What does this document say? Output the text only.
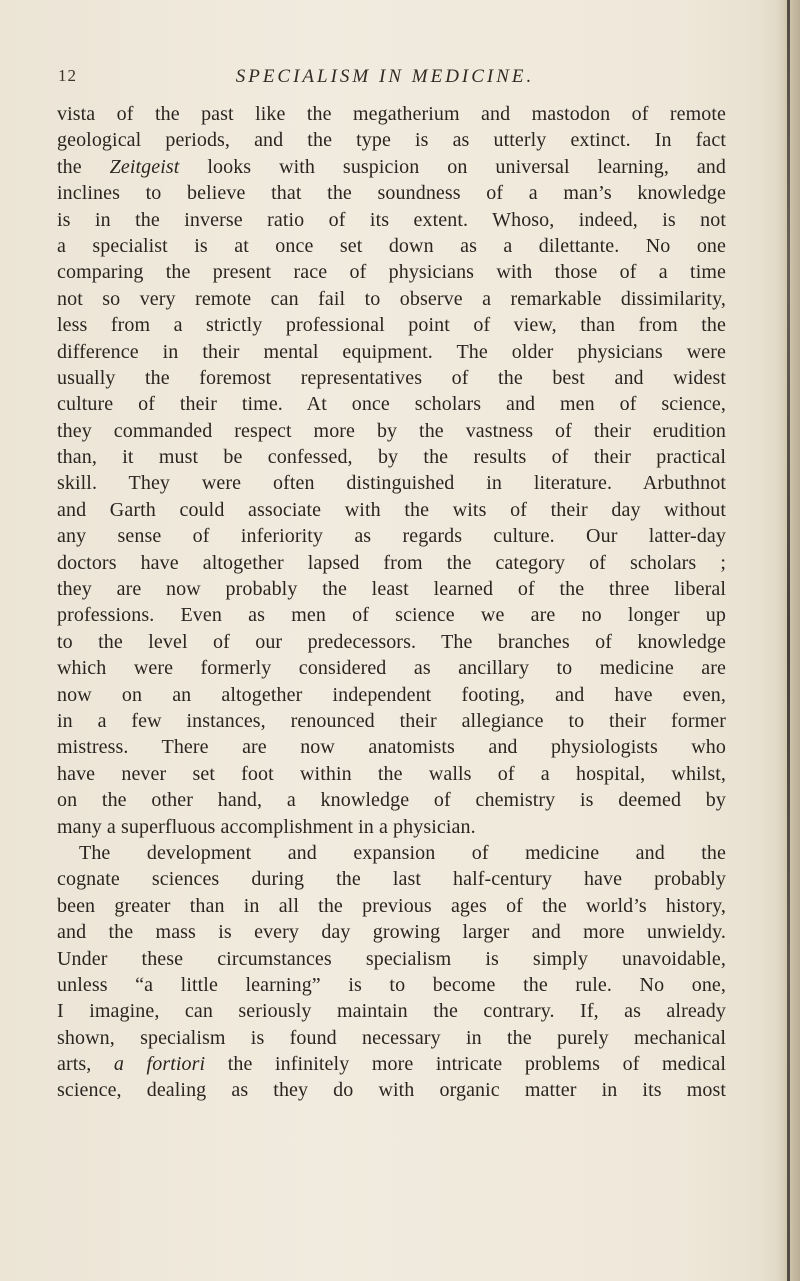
12	SPECIALISM IN MEDICINE.
vista of the past like the megatherium and mastodon of remote
geological periods, and the type is as utterly extinct. In fact
the Zeitgeist looks with suspicion on universal learning, and
inclines to believe that the soundness of a man’s knowledge
is in the inverse ratio of its extent. Whoso, indeed, is not
a specialist is at once set down as a dilettante. No one
comparing the present race of physicians with those of a time
not so very remote can fail to observe a remarkable dissimilarity,
less from a strictly professional point of view, than from the
difference in their mental equipment. The older physicians were
usually the foremost representatives of the best and widest
culture of their time. At once scholars and men of science,
they commanded respect more by the vastness of their erudition
than, it must be confessed, by the results of their practical
skill. They were often distinguished in literature. Arbuthnot
and Garth could associate with the wits of their day without
any sense of inferiority as regards culture. Our latter-day
doctors have altogether lapsed from the category of scholars ;
they are now probably the least learned of the three liberal
professions. Even as men of science we are no longer up
to the level of our predecessors. The branches of knowledge
which were formerly considered as ancillary to medicine are
now on an altogether independent footing, and have even,
in a few instances, renounced their allegiance to their former
mistress. There are now anatomists and physiologists who
have never set foot within the walls of a hospital, whilst,
on the other hand, a knowledge of chemistry is deemed by
many a superfluous accomplishment in a physician.
The development and expansion of medicine and the
cognate sciences during the last half-century have probably
been greater than in all the previous ages of the world’s history,
and the mass is every day growing larger and more unwieldy.
Under these circumstances specialism is simply unavoidable,
unless “a little learning” is to become the rule. No one,
I imagine, can seriously maintain the contrary. If, as already
shown, specialism is found necessary in the purely mechanical
arts, a fortiori the infinitely more intricate problems of medical
science, dealing as they do with organic matter in its most
